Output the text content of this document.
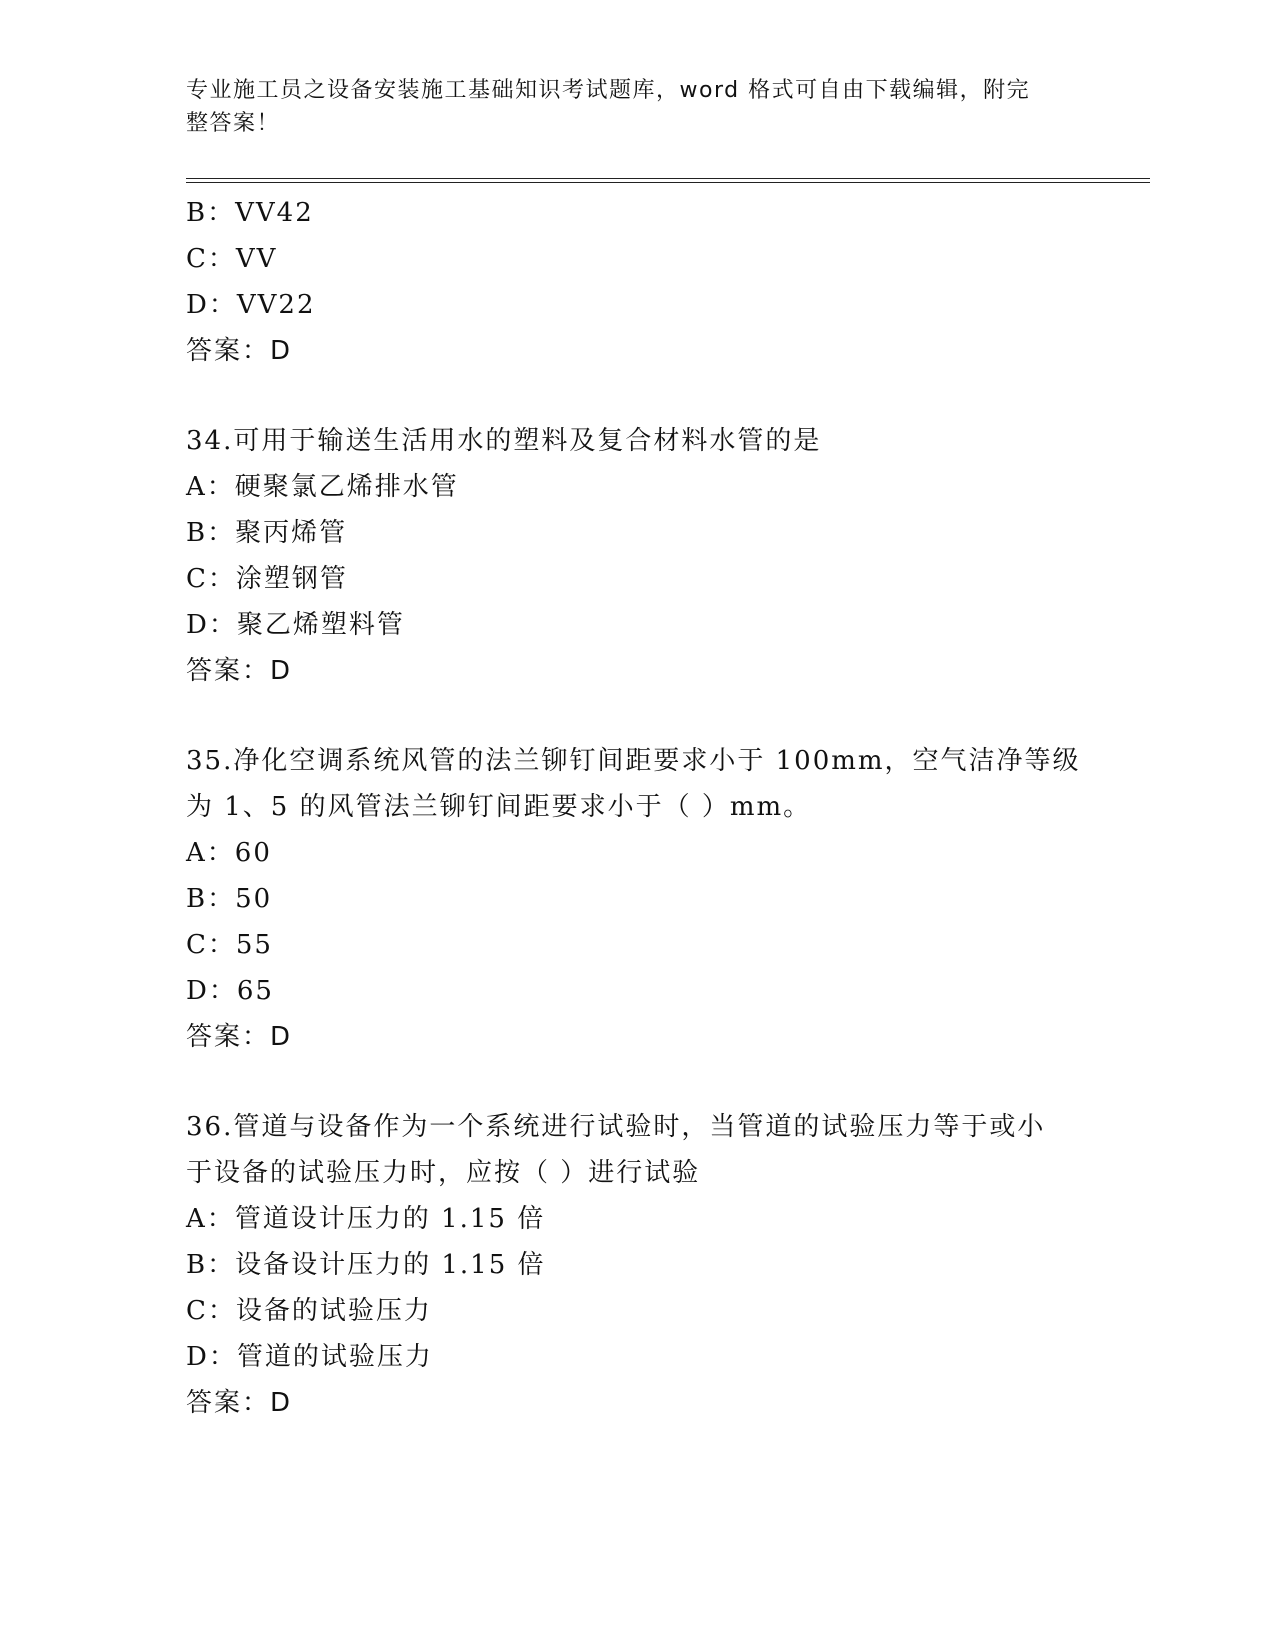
专业施工员之设备安装施工基础知识考试题库，word 格式可自由下载编辑，附完
整答案！
B：VV42
C：VV
D：VV22
答案：D
34.可用于输送生活用水的塑料及复合材料水管的是
A：硬聚氯乙烯排水管
B：聚丙烯管
C：涂塑钢管
D：聚乙烯塑料管
答案：D
35.净化空调系统风管的法兰铆钉间距要求小于 100mm，空气洁净等级
为 1、5 的风管法兰铆钉间距要求小于（ ）mm。
A：60
B：50
C：55
D：65
答案：D
36.管道与设备作为一个系统进行试验时，当管道的试验压力等于或小
于设备的试验压力时，应按（ ）进行试验
A：管道设计压力的 1.15 倍
B：设备设计压力的 1.15 倍
C：设备的试验压力
D：管道的试验压力
答案：D
